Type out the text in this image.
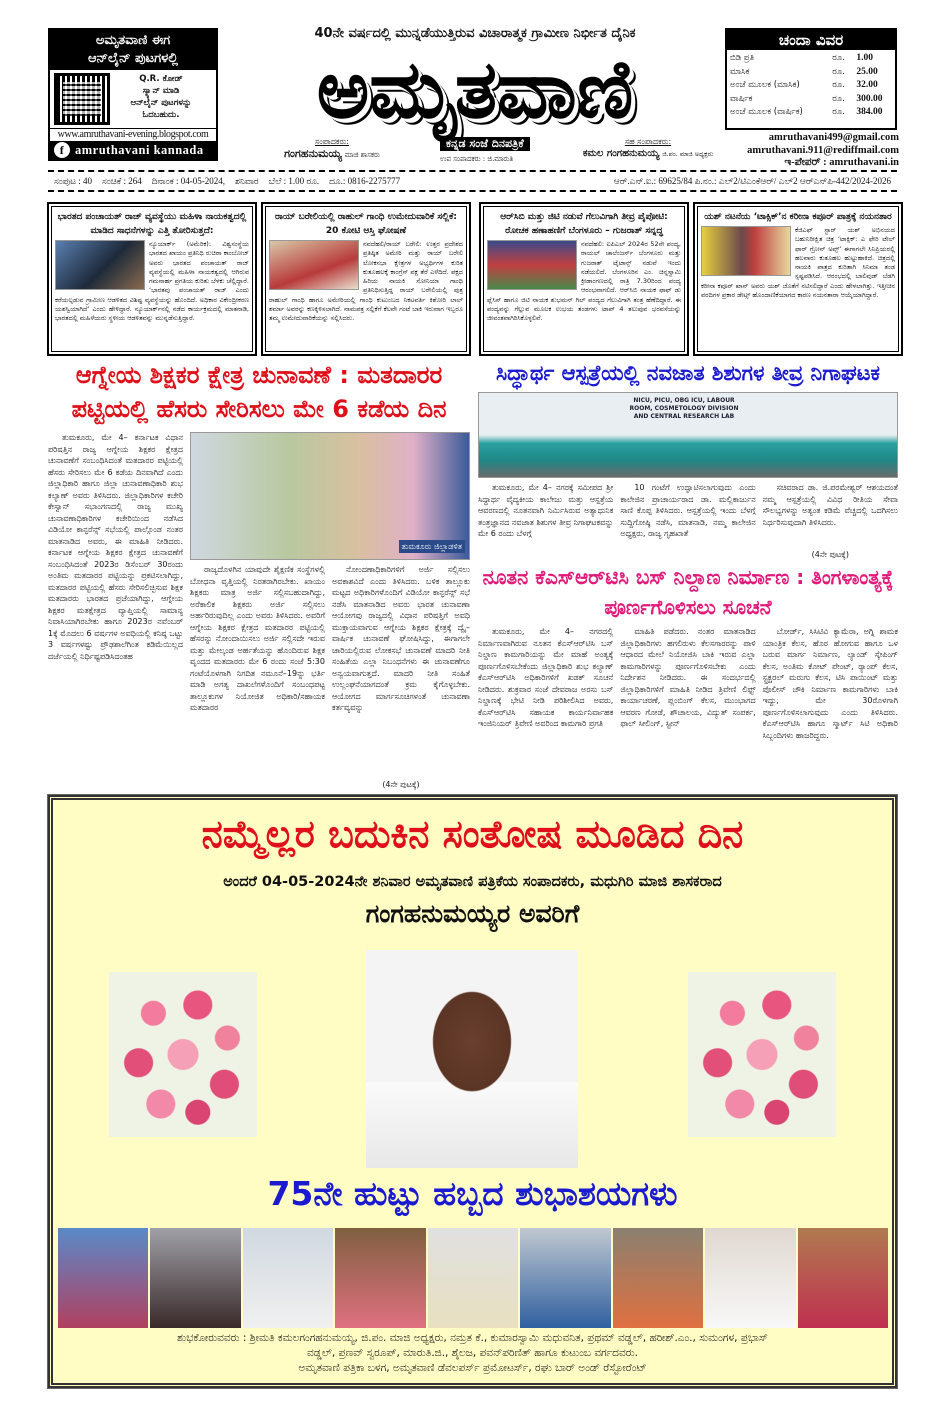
ಅಮೃತವಾಣಿ ಈಗ
ಆನ್‌ಲೈನ್ ಪುಟಗಳಲ್ಲಿ
Q.R. ಕೋಡ್
ಸ್ಕ್ಯಾನ್ ಮಾಡಿ
ಆನ್‌ಲೈನ್ ಪುಟಗಳನ್ನು
ಓದಬಹುದು.
www.amruthavani-evening.blogspot.com
f amruthavani kannada
40ನೇ ವರ್ಷದಲ್ಲಿ ಮುನ್ನಡೆಯುತ್ತಿರುವ ವಿಚಾರಾತ್ಮಕ ಗ್ರಾಮೀಣ ನಿರ್ಭೀತ ದೈನಿಕ
ಅಮೃತವಾಣಿ
ಸಂಪಾದಕರು:
ಗಂಗಹನುಮಯ್ಯ ಮಾಜಿ ಶಾಸಕರು
ಕನ್ನಡ ಸಂಜೆ ದಿನಪತ್ರಿಕೆ
ಉಪ ಸಂಪಾದಕರು : ಜಿ.ಮಾರುತಿ
ಸಹ ಸಂಪಾದಕರು:
ಕಮಲ ಗಂಗಹನುಮಯ್ಯ ಜಿ.ಪಂ. ಮಾಜಿ ಅಧ್ಯಕ್ಷರು
ಚಂದಾ ವಿವರ
ಬಿಡಿ ಪ್ರತಿ	ರೂ.	1.00
ಮಾಸಿಕ	ರೂ.	25.00
ಅಂಚೆ ಮೂಲಕ (ಮಾಸಿಕ)	ರೂ.	32.00
ವಾರ್ಷಿಕ	ರೂ.	300.00
ಅಂಚೆ ಮೂಲಕ (ವಾರ್ಷಿಕ)	ರೂ.	384.00
amruthavani499@gmail.com
amruthavani.911@rediffmail.com
ಇ-ಪೇಪರ್ : amruthavani.in
ಸಂಪುಟ : 40 ಸಂಚಿಕೆ : 264 ದಿನಾಂಕ : 04-05-2024, ಶನಿವಾರ ಬೆಲೆ : 1.00 ರೂ. ದೂ.: 0816-2275777	ಆರ್.ಎನ್.ಐ.: 69625/84 ಪಿ.ನಂ.: ಎಲ್2/ಟಿಎಂಕೆಆರ್/ ಎಲ್2 ಆರ್‌ಎನ್‌ಪಿ-442/2024-2026
ಭಾರತದ ಪಂಚಾಯತ್ ರಾಜ್ ವ್ಯವಸ್ಥೆಯು ಮಹಿಳಾ ನಾಯಕತ್ವದಲ್ಲಿ ಮಾಡಿದ ಸಾಧನೆಗಳನ್ನು ಎತ್ತಿ ತೋರಿಸುತ್ತದೆ:

ನ್ಯೂಯಾರ್ಕ್ (ಅಮೆರಿಕ): ವಿಶ್ವಸಂಸ್ಥೆಯ ಭಾರತದ ಖಾಯಂ ಪ್ರತಿನಿಧಿ ರುಚಿರಾ ಕಾಂಬೋಜ್ ಅವರು ಭಾರತದ ಪಂಚಾಯತ್ ರಾಜ್ ವ್ಯವಸ್ಥೆಯಲ್ಲಿ ಮಹಿಳಾ ನಾಯಕತ್ವದಲ್ಲಿ ಆಗಿರುವ ಗಮನಾರ್ಹ ಪ್ರಗತಿಯ ಕುರಿತು ಬೆಳಕು ಚೆಲ್ಲಿದ್ದಾರೆ. ‘ಭಾರತವು ಪಂಚಾಯತ್ ರಾಜ್ ಎಂದು ಕರೆಯಲ್ಪಡುವ ಗ್ರಾಮೀಣ ಆಡಳಿತದ ವಿಶಿಷ್ಟ ವ್ಯವಸ್ಥೆಯನ್ನು ಹೊಂದಿದೆ. ಅಧಿಕಾರ ವಿಕೇಂದ್ರೀಕರಣ ಯಶಸ್ವಿಯಾಗಿದೆ’ ಎಂದು ಹೇಳಿದ್ದಾರೆ. ನ್ಯೂಯಾರ್ಕ್‌ನಲ್ಲಿ ನಡೆದ ಕಾರ್ಯಕ್ರಮದಲ್ಲಿ ಮಾತನಾಡಿ, ಭಾರತದಲ್ಲಿ ಮಹಿಳೆಯರು ಸ್ಥಳೀಯ ಆಡಳಿತವನ್ನು ಮುನ್ನಡೆಸುತ್ತಿದ್ದಾರೆ.

ರಾಯ್ ಬರೇಲಿಯಲ್ಲಿ ರಾಹುಲ್ ಗಾಂಧಿ ಉಮೇದುವಾರಿಕೆ ಸಲ್ಲಿಕೆ: 20 ಕೋಟಿ ಆಸ್ತಿ ಘೋಷಣೆ

ನವದೆಹಲಿ/ರಾಯ್ ಬರೇಲಿ: ಉತ್ತರ ಪ್ರದೇಶದ ಪ್ರತಿಷ್ಠಿತ ಅಮೇಠಿ ಮತ್ತು ರಾಯ್ ಬರೇಲಿ ಲೋಕಸಭಾ ಕ್ಷೇತ್ರಗಳ ಅಭ್ಯರ್ಥಿಗಳ ಕುರಿತ ಕುತೂಹಲಕ್ಕೆ ಕಾಂಗ್ರೆಸ್ ಪಕ್ಷ ತೆರೆ ಎಳೆದಿದೆ. ಪಕ್ಷದ ಹಿರಿಯ ನಾಯಕಿ ಸೋನಿಯಾ ಗಾಂಧಿ ಪ್ರತಿನಿಧಿಸುತ್ತಿದ್ದ ರಾಯ್ ಬರೇಲಿಯಲ್ಲಿ ಪುತ್ರ ರಾಹುಲ್ ಗಾಂಧಿ ಹಾಗೂ ಅಮೇಠಿಯಲ್ಲಿ ಗಾಂಧಿ ಕುಟುಂಬದ ನಿಕಟವರ್ತಿ ಕಿಶೋರಿ ಲಾಲ್ ಶರ್ಮಾ ಅವರನ್ನು ಕಣಕ್ಕಿಳಿಸಲಾಗಿದೆ. ನಾಮಪತ್ರ ಸಲ್ಲಿಕೆಗೆ ಕೆಲವೇ ಗಂಟೆ ಬಾಕಿ ಇರುವಾಗ ಇಬ್ಬರೂ ತಮ್ಮ ಉಮೇದುವಾರಿಕೆಯನ್ನು ಸಲ್ಲಿಸಿದರು.

ಆರ್‌ಸಿಬಿ ಮತ್ತು ಜಿಟಿ ನಡುವೆ ಗೆಲುವಿಗಾಗಿ ತೀವ್ರ ಪೈಪೋಟಿ: ರೋಚಕ ಹಣಾಹಣಿಗೆ ಬೆಂಗಳೂರು – ಗುಜರಾತ್ ಸನ್ನದ್ಧ

ನವದೆಹಲಿ: ಐಪಿಎಲ್ 2024ರ 52ನೇ ಪಂದ್ಯ, ರಾಯಲ್ ಚಾಲೆಂಜರ್ಸ್ ಬೆಂಗಳೂರು ಮತ್ತು ಗುಜರಾತ್ ಟೈಟಾನ್ಸ್ ನಡುವೆ ಇಂದು ನಡೆಯಲಿದೆ. ಬೆಂಗಳೂರಿನ ಎಂ. ಚಿನ್ನಸ್ವಾಮಿ ಕ್ರೀಡಾಂಗಣದಲ್ಲಿ ರಾತ್ರಿ 7.30ರಿಂದ ಪಂದ್ಯ ಆರಂಭವಾಗಲಿದೆ. ಆರ್‌ಸಿಬಿ ನಾಯಕ ಫಾಫ್ ಡು ಪ್ಲೆಸಿಸ್ ಹಾಗೂ ಜಿಟಿ ನಾಯಕ ಶುಭಮನ್ ಗಿಲ್ ಪಂದ್ಯದ ಗೆಲುವಿಗಾಗಿ ತಂತ್ರ ಹೆಣೆದಿದ್ದಾರೆ. ಈ ಪಂದ್ಯವನ್ನು ಗೆಲ್ಲುವ ಮೂಲಕ ಉಭಯ ತಂಡಗಳು ಟಾಪ್ 4 ತಲುಪುವ ಭರವಸೆಯನ್ನು ಜೀವಂತವಾಗಿರಿಸಿಕೊಳ್ಳಲಿವೆ.

ಯಶ್ ನಟನೆಯ ‘ಟಾಕ್ಸಿಕ್’ನ ಕರೀನಾ ಕಪೂರ್ ಪಾತ್ರಕ್ಕೆ ನಯನತಾರ

ಕೆಜಿಎಫ್ ಸ್ಟಾರ್ ಯಶ್ ಅಭಿನಯದ ಬಹುನಿರೀಕ್ಷಿತ ಚಿತ್ರ ‘ಟಾಕ್ಸಿಕ್: ಎ ಫೇರಿ ಟೇಲ್ ಫಾರ್ ಗ್ರೋನ್ ಅಪ್ಸ್’ ಈಗಾಗಲೇ ಸಿನಿಪ್ರಿಯರಲ್ಲಿ ಹಲವಾರು ಕುತೂಹಲ ಹುಟ್ಟುಹಾಕಿದೆ. ಚಿತ್ರದಲ್ಲಿ ನಾಯಕಿ ಪಾತ್ರದ ಕುರಿತಾಗಿ ಸಿನಿಮಾ ತಂಡ ಸ್ಪಷ್ಟಪಡಿಸಿದೆ. ಆರಂಭದಲ್ಲಿ ಬಾಲಿವುಡ್ ಬೆಡಗಿ ಕರೀನಾ ಕಪೂರ್ ಖಾನ್ ಅವರು ಯಶ್ ಜೊತೆಗೆ ನಟಿಸಲಿದ್ದಾರೆ ಎಂದು ಹೇಳಲಾಗಿತ್ತು. ಇತ್ತೀಚಿನ ವರದಿಗಳ ಪ್ರಕಾರ ಡೇಟ್ಸ್ ಹೊಂದಾಣಿಕೆಯಾಗದ ಕಾರಣ ನಯನತಾರಾ ಆಯ್ಕೆಯಾಗಿದ್ದಾರೆ.

ಆಗ್ನೇಯ ಶಿಕ್ಷಕರ ಕ್ಷೇತ್ರ ಚುನಾವಣೆ : ಮತದಾರರ ಪಟ್ಟಿಯಲ್ಲಿ ಹೆಸರು ಸೇರಿಸಲು ಮೇ 6 ಕಡೆಯ ದಿನ
ತುಮಕೂರು, ಮೇ 4– ಕರ್ನಾಟಕ ವಿಧಾನ ಪರಿಷತ್ತಿನ ರಾಜ್ಯ ಆಗ್ನೇಯ ಶಿಕ್ಷಕರ ಕ್ಷೇತ್ರದ ಚುನಾವಣೆಗೆ ಸಂಬಂಧಿಸಿದಂತೆ ಮತದಾರರ ಪಟ್ಟಿಯಲ್ಲಿ ಹೆಸರು ಸೇರಿಸಲು ಮೇ 6 ಕಡೆಯ ದಿನವಾಗಿದೆ ಎಂದು ಜಿಲ್ಲಾಧಿಕಾರಿ ಹಾಗೂ ಜಿಲ್ಲಾ ಚುನಾವಣಾಧಿಕಾರಿ ಶುಭ ಕಲ್ಯಾಣ್ ಅವರು ತಿಳಿಸಿದರು. ಜಿಲ್ಲಾಧಿಕಾರಿಗಳ ಕಚೇರಿ ಕೇಸ್ವಾನ್ ಸಭಾಂಗಣದಲ್ಲಿ ರಾಜ್ಯ ಮುಖ್ಯ ಚುನಾವಣಾಧಿಕಾರಿಗಳ ಕಚೇರಿಯಿಂದ ನಡೆಸಿದ ವಿಡಿಯೋ ಕಾನ್ಫರೆನ್ಸ್ ಸಭೆಯಲ್ಲಿ ಪಾಲ್ಗೊಂಡ ನಂತರ ಮಾತನಾಡಿದ ಅವರು, ಈ ಮಾಹಿತಿ ನೀಡಿದರು. ಕರ್ನಾಟಕ ಆಗ್ನೇಯ ಶಿಕ್ಷಕರ ಕ್ಷೇತ್ರದ ಚುನಾವಣೆಗೆ ಸಂಬಂಧಿಸಿದಂತೆ 2023ರ ಡಿಸೆಂಬರ್ 30ರಂದು ಅಂತಿಮ ಮತದಾರರ ಪಟ್ಟಿಯನ್ನು ಪ್ರಕಟಿಸಲಾಗಿದ್ದು, ಮತದಾರರ ಪಟ್ಟಿಯಲ್ಲಿ ಹೆಸರು ಸೇರಿಸಲಿಚ್ಛಿಸುವ ಶಿಕ್ಷಕ ಮತದಾರರು ಭಾರತದ ಪ್ರಜೆಯಾಗಿದ್ದು, ಆಗ್ನೇಯ ಶಿಕ್ಷಕರ ಮತಕ್ಷೇತ್ರದ ವ್ಯಾಪ್ತಿಯಲ್ಲಿ ಸಾಮಾನ್ಯ ನಿವಾಸಿಯಾಗಿರಬೇಕು ಹಾಗೂ 2023ರ ನವೆಂಬರ್ 1ಕ್ಕೆ ಮೊದಲು 6 ವರ್ಷಗಳ ಅವಧಿಯಲ್ಲಿ ಕನಿಷ್ಠ ಒಟ್ಟು 3 ವರ್ಷಗಳಷ್ಟು ಪ್ರೌಢಶಾಲೆಗಿಂತ ಕಡಿಮೆಯಿಲ್ಲದ ದರ್ಜೆಯಲ್ಲಿ ನಿರ್ಧಿಷ್ಟಪಡಿಸಿದಂತಹ
ತುಮಕೂರು ಜಿಲ್ಲಾಡಳಿತ
ರಾಜ್ಯದೊಳಗಿನ ಯಾವುದೇ ಶೈಕ್ಷಣಿಕ ಸಂಸ್ಥೆಗಳಲ್ಲಿ ಬೋಧನಾ ವೃತ್ತಿಯಲ್ಲಿ ನಿರತರಾಗಿರಬೇಕು. ಖಾಯಂ ಶಿಕ್ಷಕರು ಮಾತ್ರ ಅರ್ಜಿ ಸಲ್ಲಿಸಬಹುದಾಗಿದ್ದು, ಅರೆಕಾಲಿಕ ಶಿಕ್ಷಕರು ಅರ್ಜಿ ಸಲ್ಲಿಸಲು ಅರ್ಹರಿರುವುದಿಲ್ಲ ಎಂದು ಅವರು ತಿಳಿಸಿದರು. ಅವರಿಗೆ ಆಗ್ನೇಯ ಶಿಕ್ಷಕರ ಕ್ಷೇತ್ರದ ಮತದಾರರ ಪಟ್ಟಿಯಲ್ಲಿ ಹೆಸರನ್ನು ನೋಂದಾಯಿಸಲು ಅರ್ಜಿ ಸಲ್ಲಿಸದೇ ಇರುವ ಮತ್ತು ಮೇಲ್ಕಂಡ ಅರ್ಹತೆಯನ್ನು ಹೊಂದಿರುವ ಶಿಕ್ಷಕ ವೃಂದದ ಮತದಾರರು ಮೇ 6 ರಂದು ಸಂಜೆ 5:30 ಗಂಟೆಯೊಳಗಾಗಿ ನಿಗದಿತ ನಮೂನೆ–19ನ್ನು ಭರ್ತಿ ಮಾಡಿ ಅಗತ್ಯ ದಾಖಲೆಗಳೊಂದಿಗೆ ಸಂಬಂಧಪಟ್ಟ ತಾಲ್ಲೂಕುಗಳ ನಿಯೋಜಿತ ಅಧಿಕಾರಿ/ಸಹಾಯಕ ಮತದಾರರ
ನೋಂದಣಾಧಿಕಾರಿಗಳಿಗೆ ಅರ್ಜಿ ಸಲ್ಲಿಸಲು ಅವಕಾಶವಿದೆ ಎಂದು ತಿಳಿಸಿದರು. ಬಳಿಕ ತಾಲ್ಲೂಕು ಮಟ್ಟದ ಅಧಿಕಾರಿಗಳೊಂದಿಗೆ ವಿಡಿಯೋ ಕಾನ್ಫರೆನ್ಸ್ ಸಭೆ ನಡೆಸಿ ಮಾತನಾಡಿದ ಅವರು ಭಾರತ ಚುನಾವಣಾ ಆಯೋಗವು ರಾಜ್ಯದಲ್ಲಿ ವಿಧಾನ ಪರಿಷತ್ತಿಗೆ ಅವಧಿ ಮುಕ್ತಾಯವಾಗುವ ಆಗ್ನೇಯ ಶಿಕ್ಷಕರ ಕ್ಷೇತ್ರಕ್ಕೆ ದ್ವೈ–ವಾರ್ಷಿಕ ಚುನಾವಣೆ ಘೋಷಿಸಿದ್ದು, ಈಗಾಗಲೇ ಜಾರಿಯಲ್ಲಿರುವ ಲೋಕಸಭೆ ಚುನಾವಣೆ ಮಾದರಿ ನೀತಿ ಸಂಹಿತೆಯ ಎಲ್ಲಾ ನಿಬಂಧನೆಗಳು ಈ ಚುನಾವಣೆಗೂ ಅನ್ವಯವಾಗುತ್ತದೆ. ಮಾದರಿ ನೀತಿ ಸಂಹಿತೆ ಉಲ್ಲಂಘನೆಯಾಗದಂತೆ ಕ್ರಮ ಕೈಗೊಳ್ಳಬೇಕು. ಆಯೋಗದ ಮಾರ್ಗಸೂಚಿಗಳಂತೆ ಚುನಾವಣಾ ಕರ್ತವ್ಯವನ್ನು
(4ನೇ ಪುಟಕ್ಕೆ)
ಸಿದ್ಧಾರ್ಥ ಆಸ್ಪತ್ರೆಯಲ್ಲಿ ನವಜಾತ ಶಿಶುಗಳ ತೀವ್ರ ನಿಗಾಘಟಕ
NICU, PICU, OBG ICU, LABOUR ROOM, COSMETOLOGY DIVISION AND CENTRAL RESEARCH LAB
ತುಮಕೂರು, ಮೇ 4– ನಗರಕ್ಕೆ ಸಮೀಪದ ಶ್ರೀ ಸಿದ್ಧಾರ್ಥ ವೈದ್ಯಕೀಯ ಕಾಲೇಜು ಮತ್ತು ಆಸ್ಪತ್ರೆಯ ಆವರಣದಲ್ಲಿ ನೂತನವಾಗಿ ನಿರ್ಮಿಸಿರುವ ಅತ್ಯಾಧುನಿಕ ತಂತ್ರಜ್ಞಾನದ ನವಜಾತ ಶಿಶುಗಳ ತೀವ್ರ ನಿಗಾಘಟಕವನ್ನು ಮೇ 6 ರಂದು ಬೆಳಗ್ಗೆ
10 ಗಂಟೆಗೆ ಉದ್ಘಾಟಿಸಲಾಗುವುದು ಎಂದು ಕಾಲೇಜಿನ ಪ್ರಾಚಾರ್ಯರಾದ ಡಾ. ಮಲ್ಲಿಕಾರ್ಜುನ ಸಾಣಿ ಕೊಪ್ಪ ತಿಳಿಸಿದರು. ಆಸ್ಪತ್ರೆಯಲ್ಲಿ ಇಂದು ಬೆಳಗ್ಗೆ ಸುದ್ದಿಗೋಷ್ಠಿ ನಡೆಸಿ, ಮಾತನಾಡಿ, ನಮ್ಮ ಕಾಲೇಜಿನ ಅಧ್ಯಕ್ಷರು, ರಾಜ್ಯ ಗೃಹಖಾತೆ
ಸಚಿವರಾದ ಡಾ. ಜಿ.ಪರಮೇಶ್ವರ್ ಆಶಯದಂತೆ ನಮ್ಮ ಆಸ್ಪತ್ರೆಯಲ್ಲಿ ವಿವಿಧ ರೀತಿಯ ಸೇವಾ ಸೌಲಭ್ಯಗಳನ್ನು ಅತ್ಯಂತ ಕಡಿಮೆ ವೆಚ್ಚದಲ್ಲಿ ಒದಗಿಸಲು ನಿರ್ಧರಿಸುವುದಾಗಿ ತಿಳಿಸಿದರು.
(4ನೇ ಪುಟಕ್ಕೆ)
ನೂತನ ಕೆಎಸ್‌ಆರ್‌ಟಿಸಿ ಬಸ್ ನಿಲ್ದಾಣ ನಿರ್ಮಾಣ : ತಿಂಗಳಾಂತ್ಯಕ್ಕೆ ಪೂರ್ಣಗೊಳಿಸಲು ಸೂಚನೆ
ತುಮಕೂರು, ಮೇ 4– ನಗರದಲ್ಲಿ ನಿರ್ಮಾಣವಾಗಿರುವ ನೂತನ ಕೆಎಸ್‌ಆರ್‌ಟಿಸಿ ಬಸ್ ನಿಲ್ದಾಣ ಕಾಮಗಾರಿಯನ್ನು ಮೇ ಮಾಹೆ ಅಂತ್ಯಕ್ಕೆ ಪೂರ್ಣಗೊಳಿಸಬೇಕೆಂದು ಜಿಲ್ಲಾಧಿಕಾರಿ ಶುಭ ಕಲ್ಯಾಣ್ ಕೆಎಸ್‌ಆರ್‌ಟಿಸಿ ಅಧಿಕಾರಿಗಳಿಗೆ ಖಡಕ್ ಸೂಚನೆ ನೀಡಿದರು. ಶುಕ್ರವಾರ ಸಂಜೆ ದೇವರಾಜ ಅರಸು ಬಸ್ ನಿಲ್ದಾಣಕ್ಕೆ ಭೇಟಿ ನೀಡಿ ಪರಿಶೀಲಿಸಿದ ಅವರು, ಕೆಎಸ್‌ಆರ್‌ಟಿಸಿ ಸಹಾಯಕ ಕಾರ್ಯನಿರ್ವಾಹಕ ಇಂಜಿನಿಯರ್ ತ್ರಿವೇಣಿ ಅವರಿಂದ ಕಾಮಗಾರಿ ಪ್ರಗತಿ
ಮಾಹಿತಿ ಪಡೆದರು. ನಂತರ ಮಾತನಾಡಿದ ಜಿಲ್ಲಾಧಿಕಾರಿಗಳು ಹಗಲಿರುಳು ಕೆಲಸಗಾರರನ್ನು ಪಾಳಿ ಆಧಾರದ ಮೇಲೆ ನಿಯೋಜಿಸಿ ಬಾಕಿ ಇರುವ ಎಲ್ಲಾ ಕಾಮಗಾರಿಗಳನ್ನು ಪೂರ್ಣಗೊಳಿಸಬೇಕು ಎಂದು ನಿರ್ದೇಶನ ನೀಡಿದರು. ಈ ಸಂದರ್ಭದಲ್ಲಿ ಜಿಲ್ಲಾಧಿಕಾರಿಗಳಿಗೆ ಮಾಹಿತಿ ನೀಡಿದ ತ್ರಿವೇಣಿ ಲಿಫ್ಟ್ ಕಾರ್ಯಾಚರಣೆ, ಪ್ಲಂಬಿಂಗ್ ಕೆಲಸ, ಮುಂಭಾಗದ ಆವರಣ ಗೋಡೆ, ಶೌಚಾಲಯ, ವಿದ್ಯುತ್ ಸಂಪರ್ಕ, ಫಾಲ್ ಸೀಲಿಂಗ್, ಸ್ಟೀನ್
ಬೋರ್ಡ್, ಸಿಸಿಟಿವಿ ಕ್ಯಾಮೆರಾ, ಅಗ್ನಿ ಶಾಮಕ ಯಾಂತ್ರಿಕ ಕೆಲಸ, ಹೊರ ಹೋಗುವ ಹಾಗೂ ಒಳ ಬರುವ ಮಾರ್ಗ ನಿರ್ಮಾಣ, ಲ್ಯಾಂಡ್ ಸ್ಕೇಪಿಂಗ್ ಕೆಲಸ, ಅಂತಿಮ ಕೋಟ್ ಪೇಂಟ್, ರ್‍ಯಾಂಪ್ ಕೆಲಸ, ಸ್ಟ್ರಕ್ಚರಲ್ ಮರುಗು ಕೆಲಸ, ಟಿಸಿ ಪಾಯಿಂಟ್ ಮತ್ತು ಪೊಲೀಸ್ ಚೌಕಿ ನಿರ್ಮಾಣ ಕಾಮಗಾರಿಗಳು ಬಾಕಿ ಇದ್ದು, ಮೇ 30ರೊಳಗಾಗಿ ಪೂರ್ಣಗೊಳಿಸಲಾಗುವುದು ಎಂದು ತಿಳಿಸಿದರು. ಕೆಎಸ್‌ಆರ್‌ಟಿಸಿ ಹಾಗೂ ಸ್ಮಾರ್ಟ್ ಸಿಟಿ ಅಧಿಕಾರಿ ಸಿಬ್ಬಂದಿಗಳು ಹಾಜರಿದ್ದರು.
ನಮ್ಮೆಲ್ಲರ ಬದುಕಿನ ಸಂತೋಷ ಮೂಡಿದ ದಿನ
ಅಂದರೆ 04-05-2024ನೇ ಶನಿವಾರ ಅಮೃತವಾಣಿ ಪತ್ರಿಕೆಯ ಸಂಪಾದಕರು, ಮಧುಗಿರಿ ಮಾಜಿ ಶಾಸಕರಾದ
ಗಂಗಹನುಮಯ್ಯರ ಅವರಿಗೆ
75ನೇ ಹುಟ್ಟು ಹಬ್ಬದ ಶುಭಾಶಯಗಳು
ಶುಭಕೋರುವವರು : ಶ್ರೀಮತಿ ಕಮಲಗಂಗಹನುಮಯ್ಯ, ಜಿ.ಪಂ. ಮಾಜಿ ಅಧ್ಯಕ್ಷರು, ನಮ್ರತ ಕೆ., ಕುಮಾರಸ್ವಾಮಿ ಮಧುವನಿತ, ಪ್ರಥಮ್ ವಡ್ಡಲ್, ಹರೀಶ್.ಎಂ., ಸುಮಂಗಳ, ಪ್ರಭಾಸ್
ವಡ್ಡಲ್, ಪ್ರಣವ್ ಸ್ವರೂಪ್, ಮಾರುತಿ.ಜಿ., ಶೈಲಜ, ಪವನ್‌ಪರಿಣಿತ್ ಹಾಗೂ ಕುಟುಂಬ ವರ್ಗದವರು.
ಅಮೃತವಾಣಿ ಪತ್ರಿಕಾ ಬಳಗ, ಅಮೃತವಾಣಿ ಡೆವಲಪರ್ಸ್ ಪ್ರಮೋಟರ್ಸ್, ರಘು ಬಾರ್ ಅಂಡ್ ರೆಸ್ಟೋರೆಂಟ್
